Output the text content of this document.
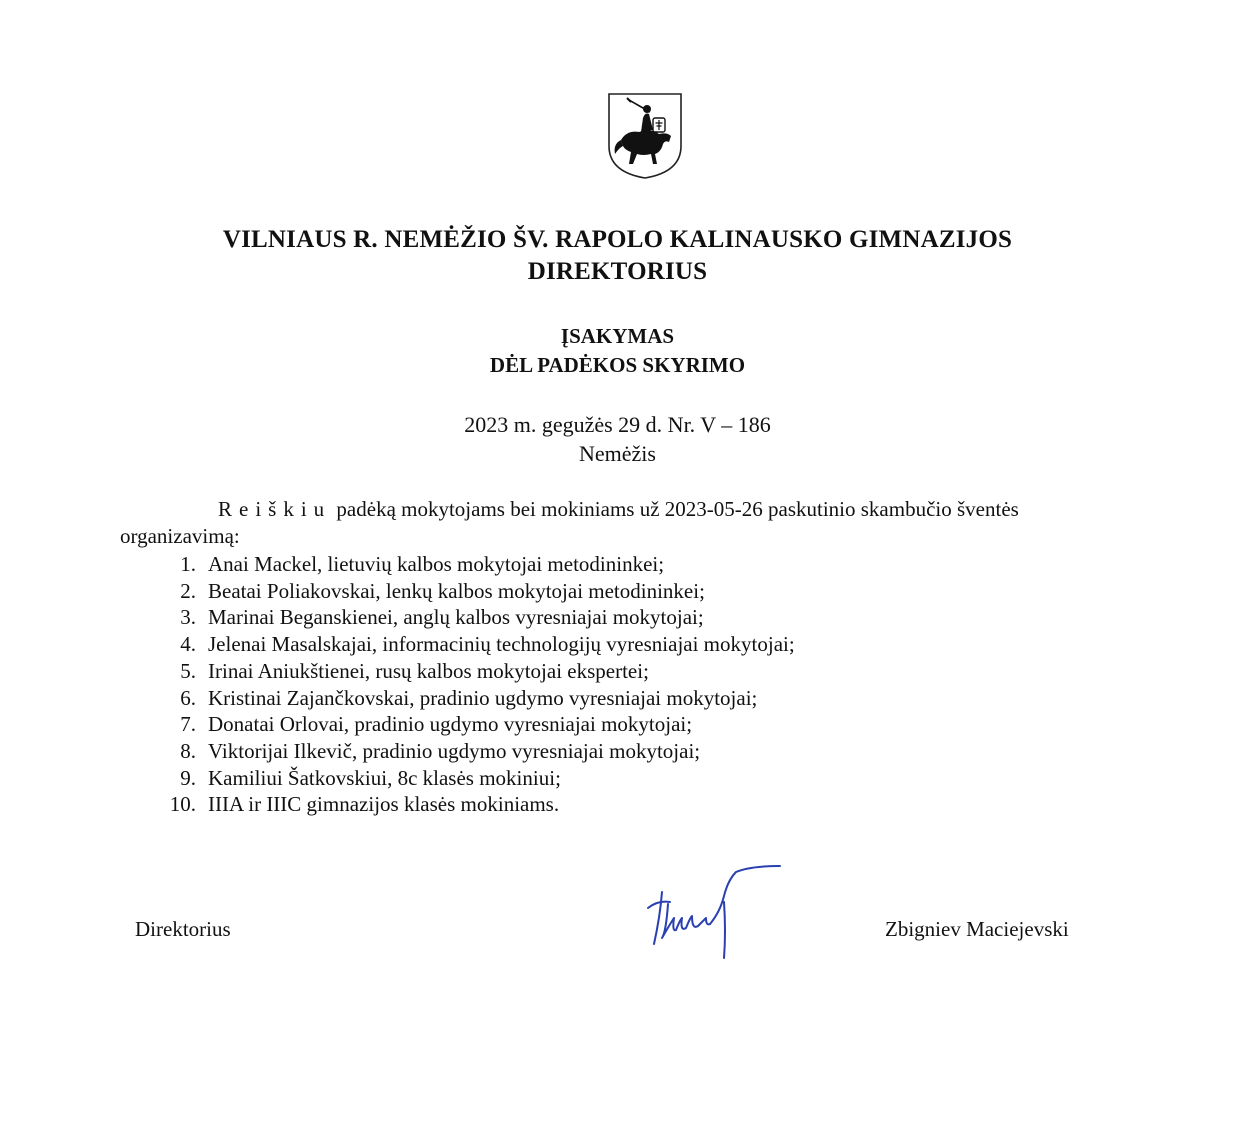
VILNIAUS R. NEMĖŽIO ŠV. RAPOLO KALINAUSKO GIMNAZIJOS
DIREKTORIUS
ĮSAKYMAS
DĖL PADĖKOS SKYRIMO
2023 m. gegužės 29 d. Nr. V – 186
Nemėžis
Reiškiu padėką mokytojams bei mokiniams už 2023-05-26 paskutinio skambučio šventės
organizavimą:
1. Anai Mackel, lietuvių kalbos mokytojai metodininkei;
2. Beatai Poliakovskai, lenkų kalbos mokytojai metodininkei;
3. Marinai Beganskienei, anglų kalbos vyresniajai mokytojai;
4. Jelenai Masalskajai, informacinių technologijų vyresniajai mokytojai;
5. Irinai Aniukštienei, rusų kalbos mokytojai ekspertei;
6. Kristinai Zajančkovskai, pradinio ugdymo vyresniajai mokytojai;
7. Donatai Orlovai, pradinio ugdymo vyresniajai mokytojai;
8. Viktorijai Ilkevič, pradinio ugdymo vyresniajai mokytojai;
9. Kamiliui Šatkovskiui, 8c klasės mokiniui;
10. IIIA ir IIIC gimnazijos klasės mokiniams.
Direktorius	Zbigniev Maciejevski
